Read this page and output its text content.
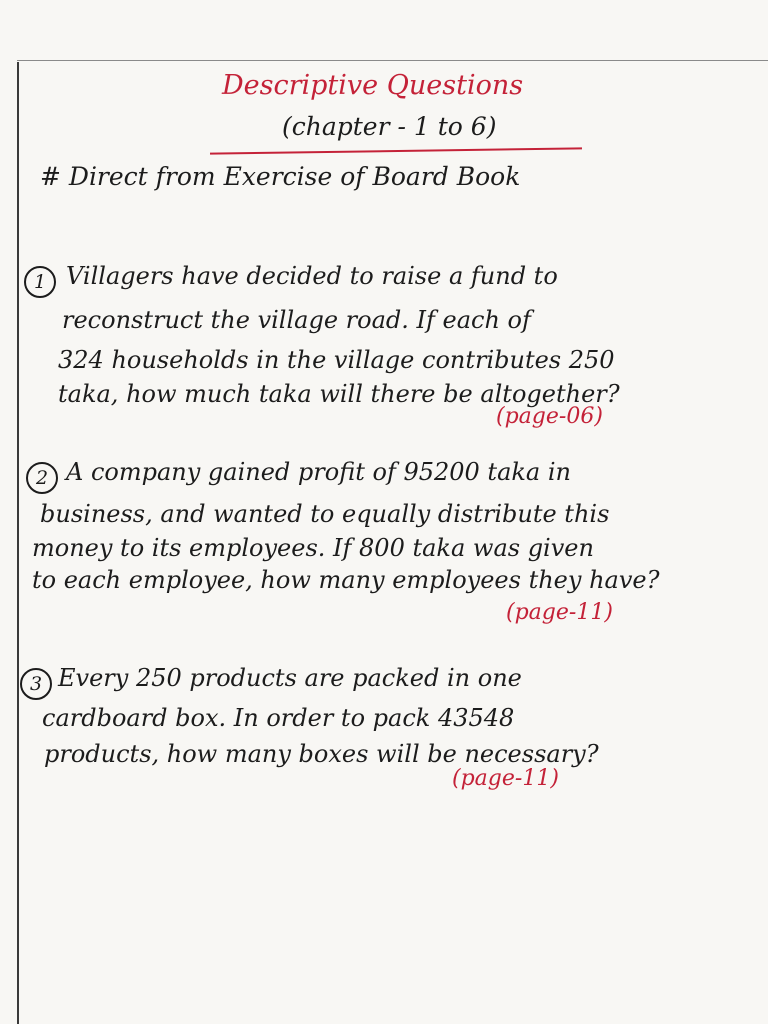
Descriptive Questions
(chapter - 1 to 6)
# Direct from Exercise of Board Book
1 Villagers have decided to raise a fund to
reconstruct the village road. If each of
324 households in the village contributes 250
taka, how much taka will there be altogether?
(page-06)
2 A company gained profit of 95200 taka in
business, and wanted to equally distribute this
money to its employees. If 800 taka was given
to each employee, how many employees they have?
(page-11)
3 Every 250 products are packed in one
cardboard box. In order to pack 43548
products, how many boxes will be necessary?
(page-11)
